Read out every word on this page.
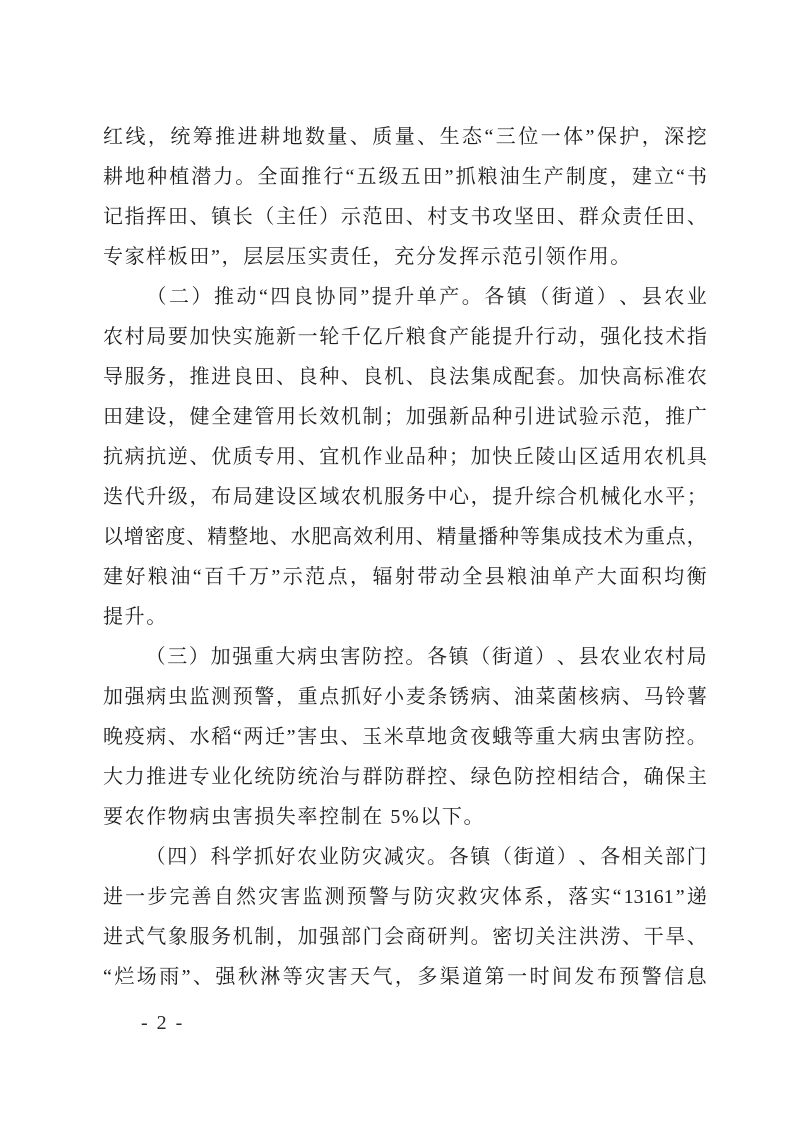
红 线 ， 统 筹 推 进 耕 地 数 量 、 质 量 、 生 态 “ 三 位 一 体 ” 保 护 ， 深 挖
耕 地 种 植 潜 力 。 全 面 推 行 “ 五 级 五 田 ” 抓 粮 油 生 产 制 度 ， 建 立 “ 书
记 指 挥 田 、 镇 长 （ 主 任 ） 示 范 田 、 村 支 书 攻 坚 田 、 群 众 责 任 田 、
专家样板田”，层层压实责任，充分发挥示范引领作用。
（ 二 ） 推 动 “ 四 良 协 同 ” 提 升 单 产 。 各 镇 （ 街 道 ） 、 县 农 业
农 村 局 要 加 快 实 施 新 一 轮 千 亿 斤 粮 食 产 能 提 升 行 动 ， 强 化 技 术 指
导 服 务 ， 推 进 良 田 、 良 种 、 良 机 、 良 法 集 成 配 套 。 加 快 高 标 准 农
田 建 设 ， 健 全 建 管 用 长 效 机 制 ； 加 强 新 品 种 引 进 试 验 示 范 ， 推 广
抗 病 抗 逆 、 优 质 专 用 、 宜 机 作 业 品 种 ； 加 快 丘 陵 山 区 适 用 农 机 具
迭 代 升 级 ， 布 局 建 设 区 域 农 机 服 务 中 心 ， 提 升 综 合 机 械 化 水 平 ；
以 增 密 度 、 精 整 地 、 水 肥 高 效 利 用 、 精 量 播 种 等 集 成 技 术 为 重 点 ，
建 好 粮 油 “ 百 千 万 ” 示 范 点 ， 辐 射 带 动 全 县 粮 油 单 产 大 面 积 均 衡
提升。
（ 三 ） 加 强 重 大 病 虫 害 防 控 。 各 镇 （ 街 道 ） 、 县 农 业 农 村 局
加 强 病 虫 监 测 预 警 ， 重 点 抓 好 小 麦 条 锈 病 、 油 菜 菌 核 病 、 马 铃 薯
晚 疫 病 、 水 稻 “ 两 迁 ” 害 虫 、 玉 米 草 地 贪 夜 蛾 等 重 大 病 虫 害 防 控 。
大 力 推 进 专 业 化 统 防 统 治 与 群 防 群 控 、 绿 色 防 控 相 结 合 ， 确 保 主
要农作物病虫害损失率控制在 5%以下。
（ 四 ） 科 学 抓 好 农 业 防 灾 减 灾 。 各 镇 （ 街 道 ） 、 各 相 关 部 门
进 一 步 完 善 自 然 灾 害 监 测 预 警 与 防 灾 救 灾 体 系 ， 落 实 “ 13161 ” 递
进 式 气 象 服 务 机 制 ， 加 强 部 门 会 商 研 判 。 密 切 关 注 洪 涝 、 干 旱 、
“ 烂 场 雨 ” 、 强 秋 淋 等 灾 害 天 气 ， 多 渠 道 第 一 时 间 发 布 预 警 信 息
- 2 -
